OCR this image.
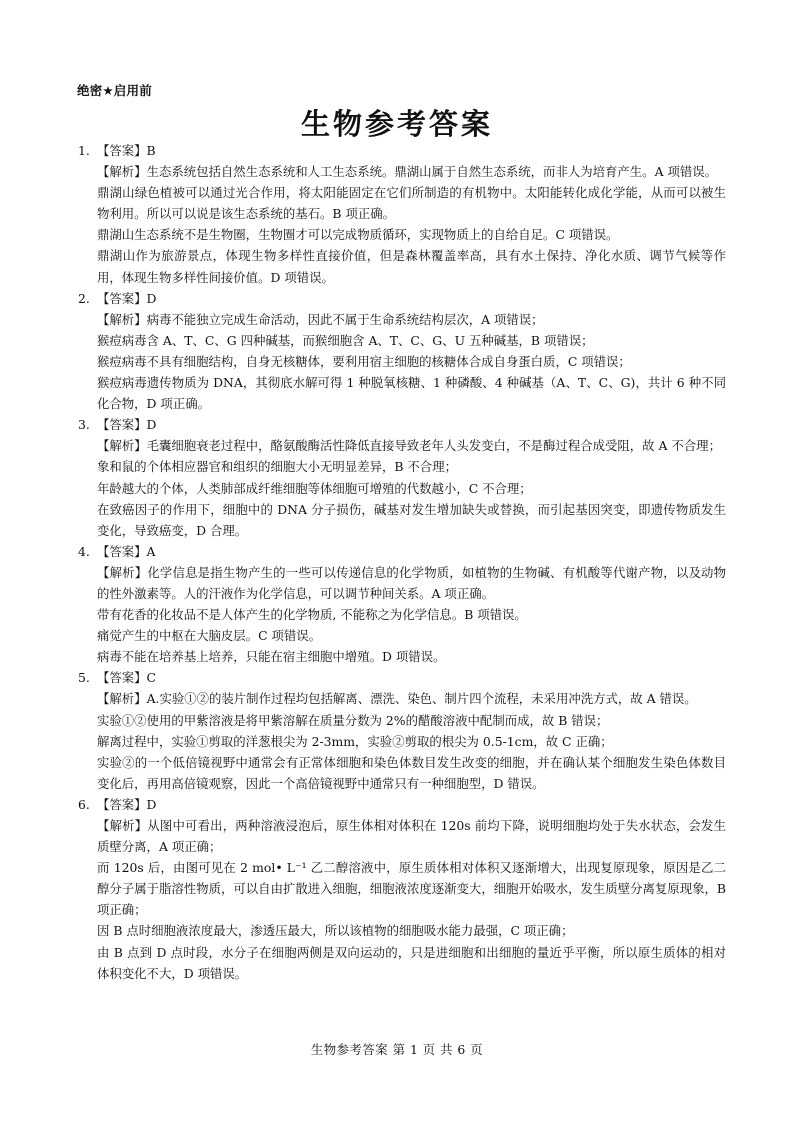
绝密★启用前
生物参考答案
1. 【答案】B

【解析】生态系统包括自然生态系统和人工生态系统。鼎湖山属于自然生态系统，而非人为培育产生。A 项错误。

鼎湖山绿色植被可以通过光合作用，将太阳能固定在它们所制造的有机物中。太阳能转化成化学能，从而可以被生物利用。所以可以说是该生态系统的基石。B 项正确。

鼎湖山生态系统不是生物圈，生物圈才可以完成物质循环，实现物质上的自给自足。C 项错误。

鼎湖山作为旅游景点，体现生物多样性直接价值，但是森林覆盖率高，具有水土保持、净化水质、调节气候等作用，体现生物多样性间接价值。D 项错误。

2. 【答案】D

【解析】病毒不能独立完成生命活动，因此不属于生命系统结构层次，A 项错误；

猴痘病毒含 A、T、C、G 四种碱基，而猴细胞含 A、T、C、G、U 五种碱基，B 项错误；

猴痘病毒不具有细胞结构，自身无核糖体，要利用宿主细胞的核糖体合成自身蛋白质，C 项错误；

猴痘病毒遗传物质为 DNA，其彻底水解可得 1 种脱氧核糖、1 种磷酸、4 种碱基（A、T、C、G)，共计 6 种不同化合物，D 项正确。

3. 【答案】D

【解析】毛囊细胞衰老过程中，酪氨酸酶活性降低直接导致老年人头发变白，不是酶过程合成受阻，故 A 不合理；

象和鼠的个体相应器官和组织的细胞大小无明显差异，B 不合理；

年龄越大的个体，人类肺部成纤维细胞等体细胞可增殖的代数越小，C 不合理；

在致癌因子的作用下，细胞中的 DNA 分子损伤，碱基对发生增加缺失或替换，而引起基因突变，即遗传物质发生变化，导致癌变，D 合理。

4. 【答案】A

【解析】化学信息是指生物产生的一些可以传递信息的化学物质，如植物的生物碱、有机酸等代谢产物，以及动物的性外激素等。人的汗液作为化学信息，可以调节种间关系。A 项正确。

带有花香的化妆品不是人体产生的化学物质, 不能称之为化学信息。B 项错误。

痛觉产生的中枢在大脑皮层。C 项错误。

病毒不能在培养基上培养，只能在宿主细胞中增殖。D 项错误。

5. 【答案】C

【解析】A.实验①②的装片制作过程均包括解离、漂洗、染色、制片四个流程，未采用冲洗方式，故 A 错误。

实验①②使用的甲紫溶液是将甲紫溶解在质量分数为 2%的醋酸溶液中配制而成，故 B 错误；

解离过程中，实验①剪取的洋葱根尖为 2-3mm，实验②剪取的根尖为 0.5-1cm，故 C 正确；

实验②的一个低倍镜视野中通常会有正常体细胞和染色体数目发生改变的细胞，并在确认某个细胞发生染色体数目变化后，再用高倍镜观察，因此一个高倍镜视野中通常只有一种细胞型，D 错误。

6. 【答案】D

【解析】从图中可看出，两种溶液浸泡后，原生体相对体积在 120s 前均下降，说明细胞均处于失水状态，会发生质壁分离，A 项正确；

而 120s 后，由图可见在 2 mol• L⁻¹ 乙二醇溶液中，原生质体相对体积又逐渐增大，出现复原现象，原因是乙二醇分子属于脂溶性物质，可以自由扩散进入细胞，细胞液浓度逐渐变大，细胞开始吸水，发生质壁分离复原现象，B 项正确；

因 B 点时细胞液浓度最大，渗透压最大，所以该植物的细胞吸水能力最强，C 项正确；

由 B 点到 D 点时段，水分子在细胞两侧是双向运动的，只是进细胞和出细胞的量近乎平衡，所以原生质体的相对体积变化不大，D 项错误。

生物参考答案 第 1 页 共 6 页
